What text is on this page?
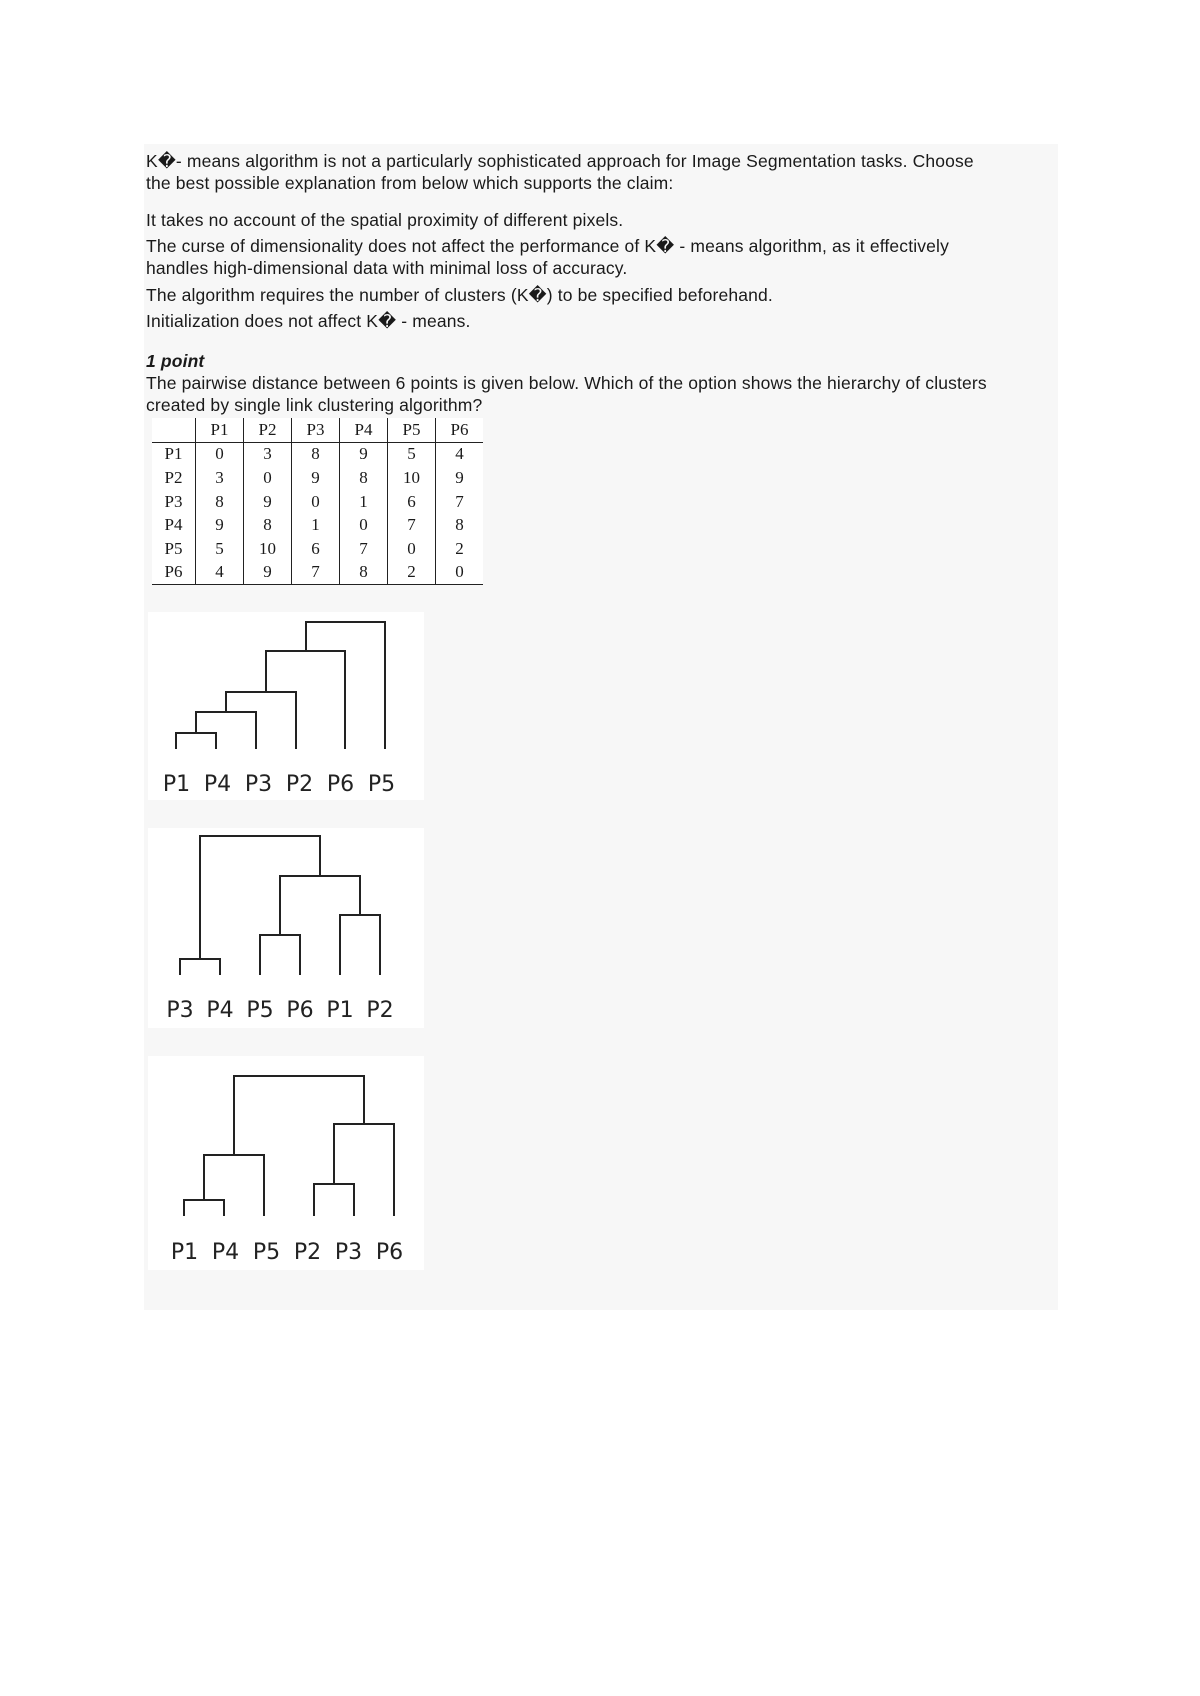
K�- means algorithm is not a particularly sophisticated approach for Image Segmentation tasks. Choose
the best possible explanation from below which supports the claim:
It takes no account of the spatial proximity of different pixels.
The curse of dimensionality does not affect the performance of K� - means algorithm, as it effectively
handles high-dimensional data with minimal loss of accuracy.
The algorithm requires the number of clusters (K�) to be specified beforehand.
Initialization does not affect K� - means.
1 point
The pairwise distance between 6 points is given below. Which of the option shows the hierarchy of clusters
created by single link clustering algorithm?
	P1	P2	P3	P4	P5	P6
P1	0	3	8	9	5	4
P2	3	0	9	8	10	9
P3	8	9	0	1	6	7
P4	9	8	1	0	7	8
P5	5	10	6	7	0	2
P6	4	9	7	8	2	0
P1 P4 P3 P2 P6 P5
P3 P4 P5 P6 P1 P2
P1 P4 P5 P2 P3 P6
